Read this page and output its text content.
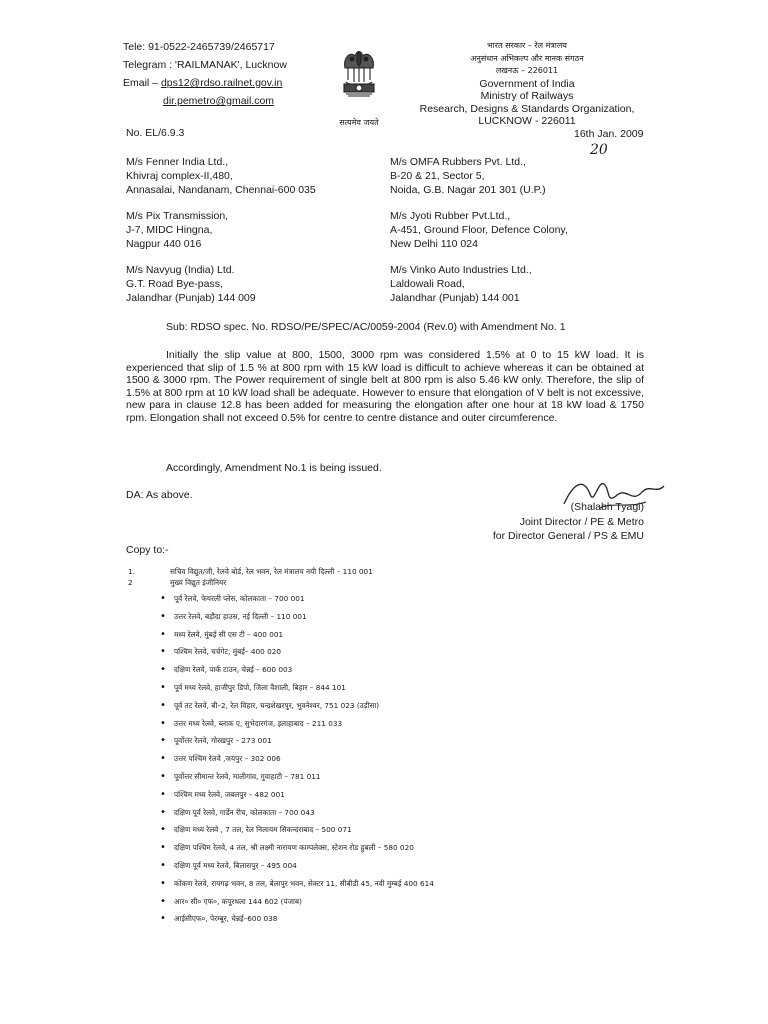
Tele: 91-0522-2465739/2465717
Telegram : 'RAILMANAK', Lucknow
Email – dps12@rdso.railnet.gov.in
dir.pemetro@gmail.com
सत्यमेव जयते
भारत सरकार – रेल मंत्रालय
अनुसंधान अभिकल्प और मानक संगठन
लखनऊ – 226011
Government of India
Ministry of Railways
Research, Designs & Standards Organization,
LUCKNOW - 226011
No. EL/6.9.3	16th Jan. 2009
20
M/s Fenner India Ltd.,
Khivraj complex-II,480,
Annasalai, Nandanam, Chennai-600 035
M/s OMFA Rubbers Pvt. Ltd.,
B-20 & 21, Sector 5,
Noida, G.B. Nagar 201 301 (U.P.)
M/s Pix Transmission,
J-7, MIDC Hingna,
Nagpur 440 016
M/s Jyoti Rubber Pvt.Ltd.,
A-451, Ground Floor, Defence Colony,
New Delhi 110 024
M/s Navyug (India) Ltd.
G.T. Road Bye-pass,
Jalandhar (Punjab) 144 009
M/s Vinko Auto Industries Ltd.,
Laldowali Road,
Jalandhar (Punjab) 144 001
Sub: RDSO spec. No. RDSO/PE/SPEC/AC/0059-2004 (Rev.0) with Amendment No. 1
Initially the slip value at 800, 1500, 3000 rpm was considered 1.5% at 0 to 15 kW load. It is experienced that slip of 1.5 % at 800 rpm with 15 kW load is difficult to achieve whereas it can be obtained at 1500 & 3000 rpm. The Power requirement of single belt at 800 rpm is also 5.46 kW only. Therefore, the slip of 1.5% at 800 rpm at 10 kW load shall be adequate. However to ensure that elongation of V belt is not excessive, new para in clause 12.8 has been added for measuring the elongation after one hour at 18 kW load & 1750 rpm. Elongation shall not exceed 0.5% for centre to centre distance and outer circumference.
Accordingly, Amendment No.1 is being issued.
DA: As above.
(Shalabh Tyagi)
Joint Director / PE & Metro
for Director General / PS & EMU
Copy to:-
1.	सचिव विद्युत/जी, रेलवे बोर्ड, रेल भवन, रेल मंत्रालय नयी दिल्ली – 110 001
2	मुख्य विद्युत इंजीनियर
• पूर्व रेलवे, फेयरली प्लेस, कोलकाता – 700 001
• उत्तर रेलवे, बड़ौदा हाउस, नई दिल्ली – 110 001
• मध्य रेलवे, मुंबई सी एस टी – 400 001
• पश्चिम रेलवे, चर्चगेट, मुंबई– 400 020
• दक्षिण रेलवे, पार्क टाउन, चेन्नई – 600 003
• पूर्व मध्य रेलवे, हाजीपुर डिपो, जिला वैशाली, बिहार – 844 101
• पूर्व तट रेलवे, बी–2, रेल विहार, चन्द्रशेखरपुर, भुवनेश्वर, 751 023 (उड़ीसा)
• उत्तर मध्य रेलवे, ब्लाक ए, सुभेदारगंज, इलाहाबाद – 211 033
• पूर्वोत्तर रेलवे, गोरखपुर – 273 001
• उत्तर पश्चिम रेलवे ,जयपुर – 302 006
• पूर्वोत्तर सीमान्त रेलवे, मालीगांव, गुवाहाटी – 781 011
• पश्चिम मध्य रेलवे, जबलपुर – 482 001
• दक्षिण पूर्व रेलवे, गार्डेन रीच, कोलकाता – 700 043
• दक्षिण मध्य रेलवे , 7 तल, रेल निलायम सिकन्दराबाद – 500 071
• दक्षिण पश्चिम रेलवे, 4 तल, श्री लक्ष्मी नारायण काम्पलेक्स, स्टेशन रोड हुबली – 580 020
• दक्षिण पूर्व मध्य रेलवे, बिलासपुर – 495 004
• कोंकण रेलवे, रायगढ़ भवन, 8 तल, बेलापुर भवन, सेक्टर 11, सीबीडी 45, नवी मुम्बई 400 614
• आर० सी० एफ०, कपूरथला 144 602 (पंजाब)
• आईसीएफ०, पेरम्बूर, चेन्नई–600 038
